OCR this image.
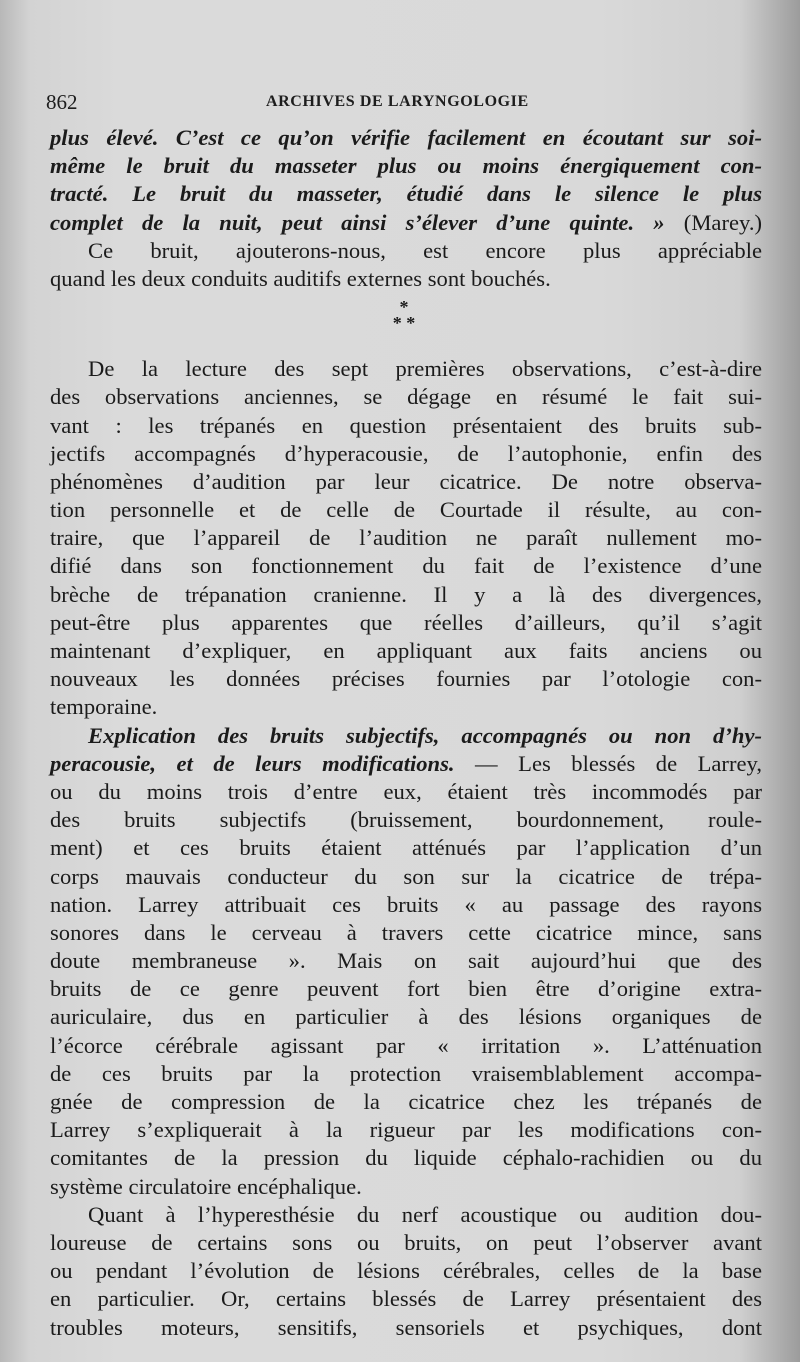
862	ARCHIVES DE LARYNGOLOGIE
plus élevé. C’est ce qu’on vérifie facilement en écoutant sur soi-
même le bruit du masseter plus ou moins énergiquement con-
tracté. Le bruit du masseter, étudié dans le silence le plus
complet de la nuit, peut ainsi s’élever d’une quinte. » (Marey.)
Ce bruit, ajouterons-nous, est encore plus appréciable
quand les deux conduits auditifs externes sont bouchés.
*
* *
De la lecture des sept premières observations, c’est-à-dire
des observations anciennes, se dégage en résumé le fait sui-
vant : les trépanés en question présentaient des bruits sub-
jectifs accompagnés d’hyperacousie, de l’autophonie, enfin des
phénomènes d’audition par leur cicatrice. De notre observa-
tion personnelle et de celle de Courtade il résulte, au con-
traire, que l’appareil de l’audition ne paraît nullement mo-
difié dans son fonctionnement du fait de l’existence d’une
brèche de trépanation cranienne. Il y a là des divergences,
peut-être plus apparentes que réelles d’ailleurs, qu’il s’agit
maintenant d’expliquer, en appliquant aux faits anciens ou
nouveaux les données précises fournies par l’otologie con-
temporaine.
Explication des bruits subjectifs, accompagnés ou non d’hy-
peracousie, et de leurs modifications. — Les blessés de Larrey,
ou du moins trois d’entre eux, étaient très incommodés par
des bruits subjectifs (bruissement, bourdonnement, roule-
ment) et ces bruits étaient atténués par l’application d’un
corps mauvais conducteur du son sur la cicatrice de trépa-
nation. Larrey attribuait ces bruits « au passage des rayons
sonores dans le cerveau à travers cette cicatrice mince, sans
doute membraneuse ». Mais on sait aujourd’hui que des
bruits de ce genre peuvent fort bien être d’origine extra-
auriculaire, dus en particulier à des lésions organiques de
l’écorce cérébrale agissant par « irritation ». L’atténuation
de ces bruits par la protection vraisemblablement accompa-
gnée de compression de la cicatrice chez les trépanés de
Larrey s’expliquerait à la rigueur par les modifications con-
comitantes de la pression du liquide céphalo-rachidien ou du
système circulatoire encéphalique.
Quant à l’hyperesthésie du nerf acoustique ou audition dou-
loureuse de certains sons ou bruits, on peut l’observer avant
ou pendant l’évolution de lésions cérébrales, celles de la base
en particulier. Or, certains blessés de Larrey présentaient des
troubles moteurs, sensitifs, sensoriels et psychiques, dont
